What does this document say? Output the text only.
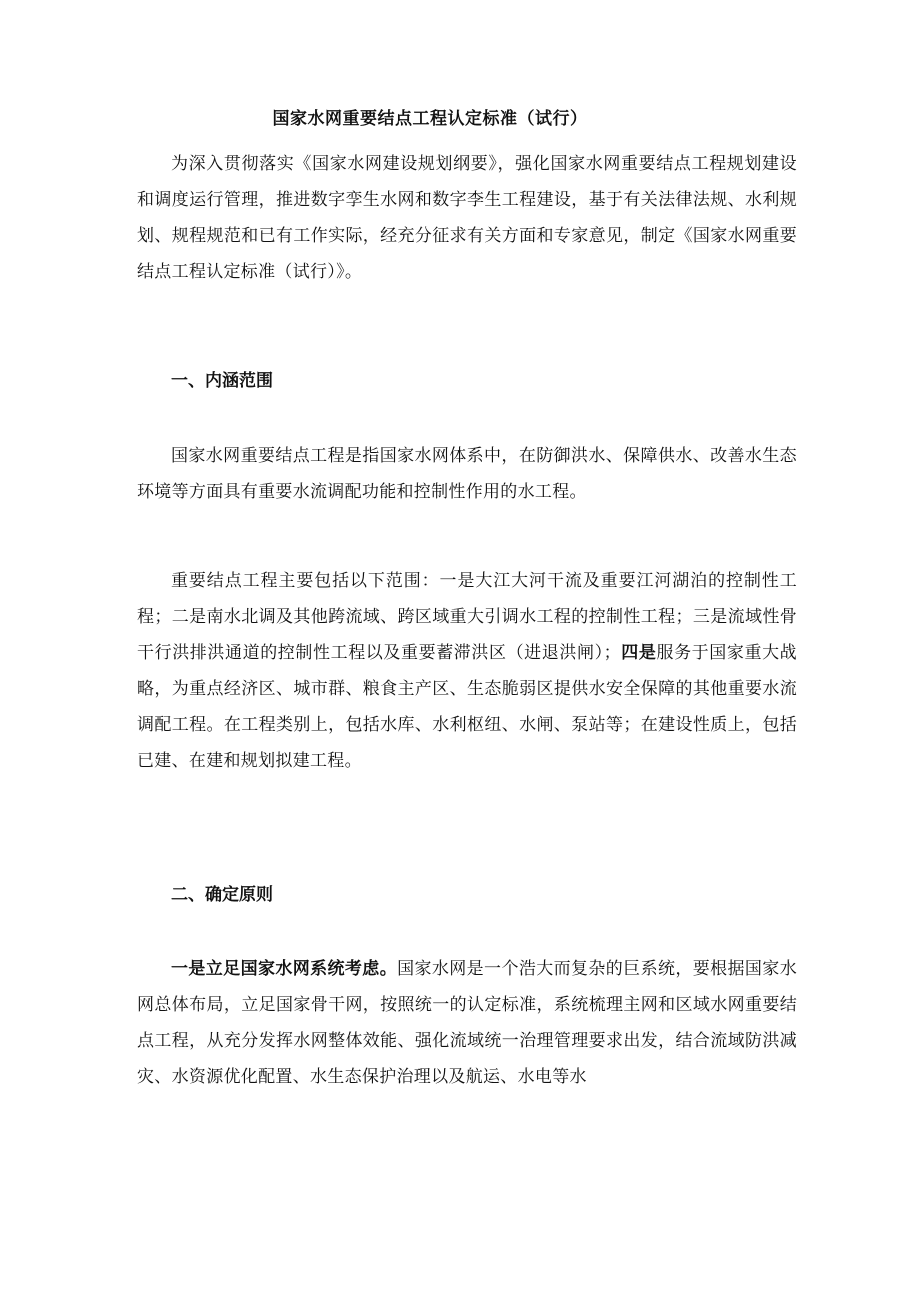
国家水网重要结点工程认定标准（试行）

为深入贯彻落实《国家水网建设规划纲要》，强化国家水网重要结点工程规划建设和调度运行管理，推进数字孪生水网和数字李生工程建设，基于有关法律法规、水利规划、规程规范和已有工作实际，经充分征求有关方面和专家意见，制定《国家水网重要结点工程认定标准（试行）》。

一、内涵范围

国家水网重要结点工程是指国家水网体系中，在防御洪水、保障供水、改善水生态环境等方面具有重要水流调配功能和控制性作用的水工程。

重要结点工程主要包括以下范围：一是大江大河干流及重要江河湖泊的控制性工程；二是南水北调及其他跨流域、跨区域重大引调水工程的控制性工程；三是流域性骨干行洪排洪通道的控制性工程以及重要蓄滞洪区（进退洪闸）；四是服务于国家重大战略，为重点经济区、城市群、粮食主产区、生态脆弱区提供水安全保障的其他重要水流调配工程。在工程类别上，包括水库、水利枢纽、水闸、泵站等；在建设性质上，包括已建、在建和规划拟建工程。

二、确定原则

一是立足国家水网系统考虑。国家水网是一个浩大而复杂的巨系统，要根据国家水网总体布局，立足国家骨干网，按照统一的认定标准，系统梳理主网和区域水网重要结点工程，从充分发挥水网整体效能、强化流域统一治理管理要求出发，结合流域防洪减灾、水资源优化配置、水生态保护治理以及航运、水电等水
